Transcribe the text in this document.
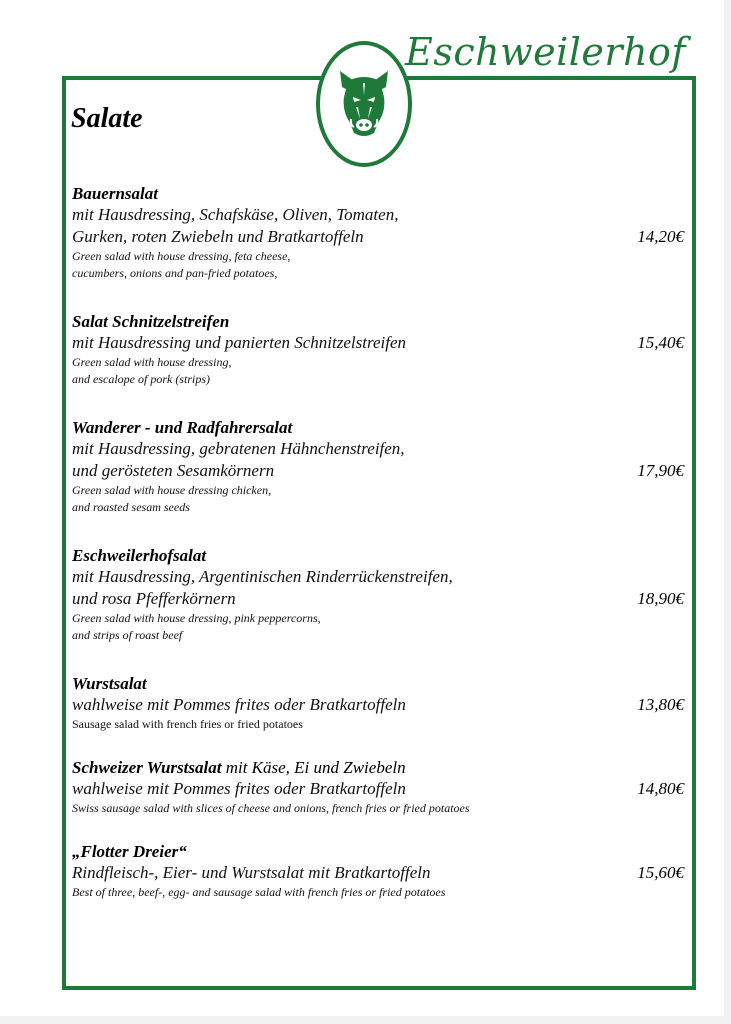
Eschweilerhof
Salate
Bauernsalat
mit Hausdressing, Schafskäse, Oliven, Tomaten,
Gurken, roten Zwiebeln und Bratkartoffeln	14,20€
Green salad with house dressing, feta cheese,
cucumbers, onions and pan-fried potatoes,
Salat Schnitzelstreifen
mit Hausdressing und panierten Schnitzelstreifen	15,40€
Green salad with house dressing,
and escalope of pork (strips)
Wanderer - und Radfahrersalat
mit Hausdressing, gebratenen Hähnchenstreifen,
und gerösteten Sesamkörnern	17,90€
Green salad with house dressing chicken,
and roasted sesam seeds
Eschweilerhofsalat
mit Hausdressing, Argentinischen Rinderrückenstreifen,
und rosa Pfefferkörnern	18,90€
Green salad with house dressing, pink peppercorns,
and strips of roast beef
Wurstsalat
wahlweise mit Pommes frites oder Bratkartoffeln	13,80€
Sausage salad with french fries or fried potatoes
Schweizer Wurstsalat mit Käse, Ei und Zwiebeln
wahlweise mit Pommes frites oder Bratkartoffeln	14,80€
Swiss sausage salad with slices of cheese and onions, french fries or fried potatoes
„Flotter Dreier“
Rindfleisch-, Eier- und Wurstsalat mit Bratkartoffeln	15,60€
Best of three, beef-, egg- and sausage salad with french fries or fried potatoes
